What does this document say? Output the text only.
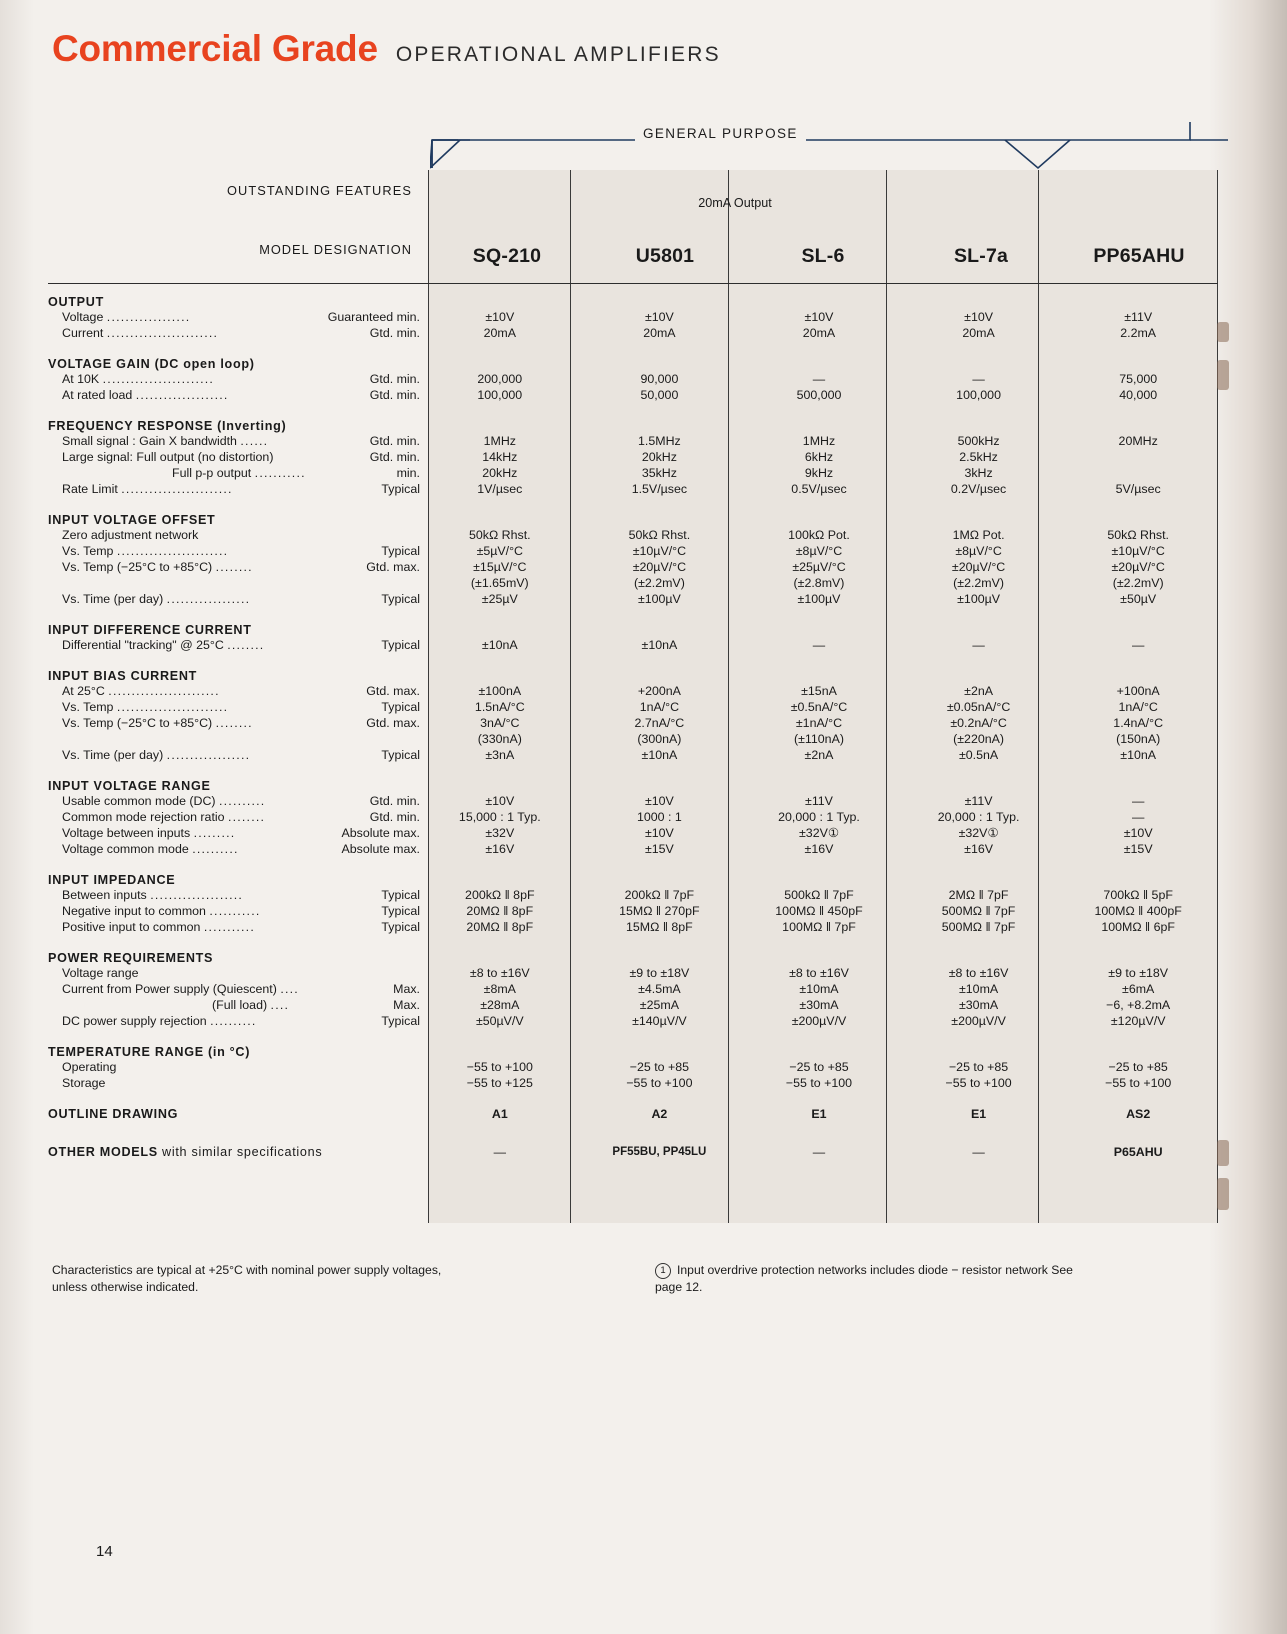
Commercial Grade OPERATIONAL AMPLIFIERS
GENERAL PURPOSE
OUTSTANDING FEATURES
MODEL DESIGNATION
20mA Output
SQ-210	U5801	SL-6	SL-7a	PP65AHU
OUTPUT
Voltage ..................	Guaranteed min.	±10V	±10V	±10V	±10V	±11V
Current ........................	Gtd. min.	20mA	20mA	20mA	20mA	2.2mA
VOLTAGE GAIN (DC open loop)
At 10K ........................	Gtd. min.	200,000	90,000	—	—	75,000
At rated load ....................	Gtd. min.	100,000	50,000	500,000	100,000	40,000
FREQUENCY RESPONSE (Inverting)
Small signal : Gain X bandwidth ......	Gtd. min.	1MHz	1.5MHz	1MHz	500kHz	20MHz
Large signal: Full output (no distortion)	Gtd. min.	14kHz	20kHz	6kHz	2.5kHz
Full p-p output ...........	min.	20kHz	35kHz	9kHz	3kHz
Rate Limit ........................	Typical	1V/µsec	1.5V/µsec	0.5V/µsec	0.2V/µsec	5V/µsec
INPUT VOLTAGE OFFSET
Zero adjustment network	50kΩ Rhst.	50kΩ Rhst.	100kΩ Pot.	1MΩ Pot.	50kΩ Rhst.
Vs. Temp ........................	Typical	±5µV/°C	±10µV/°C	±8µV/°C	±8µV/°C	±10µV/°C
Vs. Temp (−25°C to +85°C) ........	Gtd. max.	±15µV/°C	±20µV/°C	±25µV/°C	±20µV/°C	±20µV/°C
(±1.65mV)	(±2.2mV)	(±2.8mV)	(±2.2mV)	(±2.2mV)
Vs. Time (per day) ..................	Typical	±25µV	±100µV	±100µV	±100µV	±50µV
INPUT DIFFERENCE CURRENT
Differential "tracking" @ 25°C ........	Typical	±10nA	±10nA	—	—	—
INPUT BIAS CURRENT
At 25°C ........................	Gtd. max.	±100nA	+200nA	±15nA	±2nA	+100nA
Vs. Temp ........................	Typical	1.5nA/°C	1nA/°C	±0.5nA/°C	±0.05nA/°C	1nA/°C
Vs. Temp (−25°C to +85°C) ........	Gtd. max.	3nA/°C	2.7nA/°C	±1nA/°C	±0.2nA/°C	1.4nA/°C
(330nA)	(300nA)	(±110nA)	(±220nA)	(150nA)
Vs. Time (per day) ..................	Typical	±3nA	±10nA	±2nA	±0.5nA	±10nA
INPUT VOLTAGE RANGE
Usable common mode (DC) ..........	Gtd. min.	±10V	±10V	±11V	±11V	—
Common mode rejection ratio ........	Gtd. min.	15,000 : 1 Typ.	1000 : 1	20,000 : 1 Typ.	20,000 : 1 Typ.	—
Voltage between inputs .........	Absolute max.	±32V	±10V	±32V①	±32V①	±10V
Voltage common mode ..........	Absolute max.	±16V	±15V	±16V	±16V	±15V
INPUT IMPEDANCE
Between inputs ....................	Typical	200kΩ ‖ 8pF	200kΩ ‖ 7pF	500kΩ ‖ 7pF	2MΩ ‖ 7pF	700kΩ ‖ 5pF
Negative input to common ...........	Typical	20MΩ ‖ 8pF	15MΩ ‖ 270pF	100MΩ ‖ 450pF	500MΩ ‖ 7pF	100MΩ ‖ 400pF
Positive input to common ...........	Typical	20MΩ ‖ 8pF	15MΩ ‖ 8pF	100MΩ ‖ 7pF	500MΩ ‖ 7pF	100MΩ ‖ 6pF
POWER REQUIREMENTS
Voltage range	±8 to ±16V	±9 to ±18V	±8 to ±16V	±8 to ±16V	±9 to ±18V
Current from Power supply (Quiescent) ....	Max.	±8mA	±4.5mA	±10mA	±10mA	±6mA
(Full load) ....	Max.	±28mA	±25mA	±30mA	±30mA	−6, +8.2mA
DC power supply rejection ..........	Typical	±50µV/V	±140µV/V	±200µV/V	±200µV/V	±120µV/V
TEMPERATURE RANGE (in °C)
Operating	−55 to +100	−25 to +85	−25 to +85	−25 to +85	−25 to +85
Storage	−55 to +125	−55 to +100	−55 to +100	−55 to +100	−55 to +100
OUTLINE DRAWING	A1	A2	E1	E1	AS2
OTHER MODELS with similar specifications	—	PF55BU, PP45LU	—	—	P65AHU
Characteristics are typical at +25°C with nominal power supply voltages, unless otherwise indicated.
1 Input overdrive protection networks includes diode − resistor network See page 12.
14
